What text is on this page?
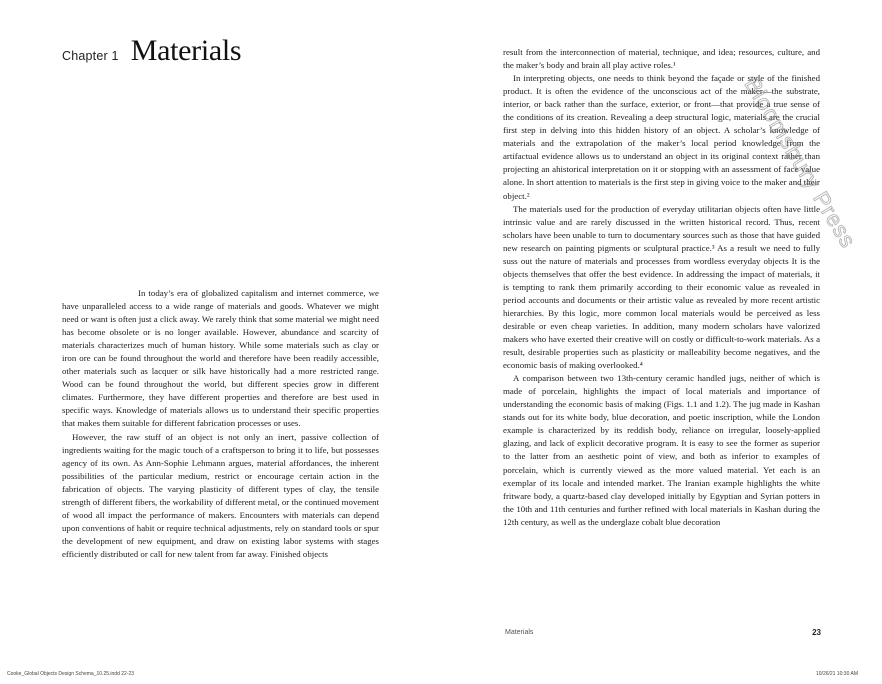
Chapter 1 Materials

In today’s era of globalized capitalism and internet commerce, we have unparalleled access to a wide range of materials and goods. Whatever we might need or want is often just a click away. We rarely think that some material we might need has become obsolete or is no longer available. However, abundance and scarcity of materials characterizes much of human history. While some materials such as clay or iron ore can be found throughout the world and therefore have been readily accessible, other materials such as lacquer or silk have historically had a more restricted range. Wood can be found throughout the world, but different species grow in different climates. Furthermore, they have different properties and therefore are best used in specific ways. Knowledge of materials allows us to understand their specific properties that makes them suitable for different fabrication processes or uses.

However, the raw stuff of an object is not only an inert, passive collection of ingredients waiting for the magic touch of a craftsperson to bring it to life, but possesses agency of its own. As Ann-Sophie Lehmann argues, material affordances, the inherent possibilities of the particular medium, restrict or encourage certain action in the fabrication of objects. The varying plasticity of different types of clay, the tensile strength of different fibers, the workability of different metal, or the continued movement of wood all impact the performance of makers. Encounters with materials can depend upon conventions of habit or require technical adjustments, rely on standard tools or spur the development of new equipment, and draw on existing labor systems with stages efficiently distributed or call for new talent from far away. Finished objects

result from the interconnection of material, technique, and idea; resources, culture, and the maker’s body and brain all play active roles.¹

In interpreting objects, one needs to think beyond the façade or style of the finished product. It is often the evidence of the unconscious act of the maker—the substrate, interior, or back rather than the surface, exterior, or front—that provide a true sense of the conditions of its creation. Revealing a deep structural logic, materials are the crucial first step in delving into this hidden history of an object. A scholar’s knowledge of materials and the extrapolation of the maker’s local period knowledge from the artifactual evidence allows us to understand an object in its original context rather than projecting an ahistorical interpretation on it or stopping with an assessment of face value alone. In short attention to materials is the first step in giving voice to the maker and their object.²

The materials used for the production of everyday utilitarian objects often have little intrinsic value and are rarely discussed in the written historical record. Thus, recent scholars have been unable to turn to documentary sources such as those that have guided new research on painting pigments or sculptural practice.³ As a result we need to fully suss out the nature of materials and processes from wordless everyday objects It is the objects themselves that offer the best evidence. In addressing the impact of materials, it is tempting to rank them primarily according to their economic value as revealed in period accounts and documents or their artistic value as revealed by more recent artistic hierarchies. By this logic, more common local materials would be perceived as less desirable or even cheap varieties. In addition, many modern scholars have valorized makers who have exerted their creative will on costly or difficult-to-work materials. As a result, desirable properties such as plasticity or malleability become negatives, and the economic basis of making overlooked.⁴

A comparison between two 13th-century ceramic handled jugs, neither of which is made of porcelain, highlights the impact of local materials and importance of understanding the economic basis of making (Figs. 1.1 and 1.2). The jug made in Kashan stands out for its white body, blue decoration, and poetic inscription, while the London example is characterized by its reddish body, reliance on irregular, loosely-applied glazing, and lack of explicit decorative program. It is easy to see the former as superior to the latter from an aesthetic point of view, and both as inferior to examples of porcelain, which is currently viewed as the more valued material. Yet each is an exemplar of its locale and intended market. The Iranian example highlights the white fritware body, a quartz-based clay developed initially by Egyptian and Syrian potters in the 10th and 11th centuries and further refined with local materials in Kashan during the 12th century, as well as the underglaze cobalt blue decoration

Bloomsbury Press
Materials	23
Cooke_Global Objects Design Schema_10.25.indd 22-23	10/26/21 10:30 AM
